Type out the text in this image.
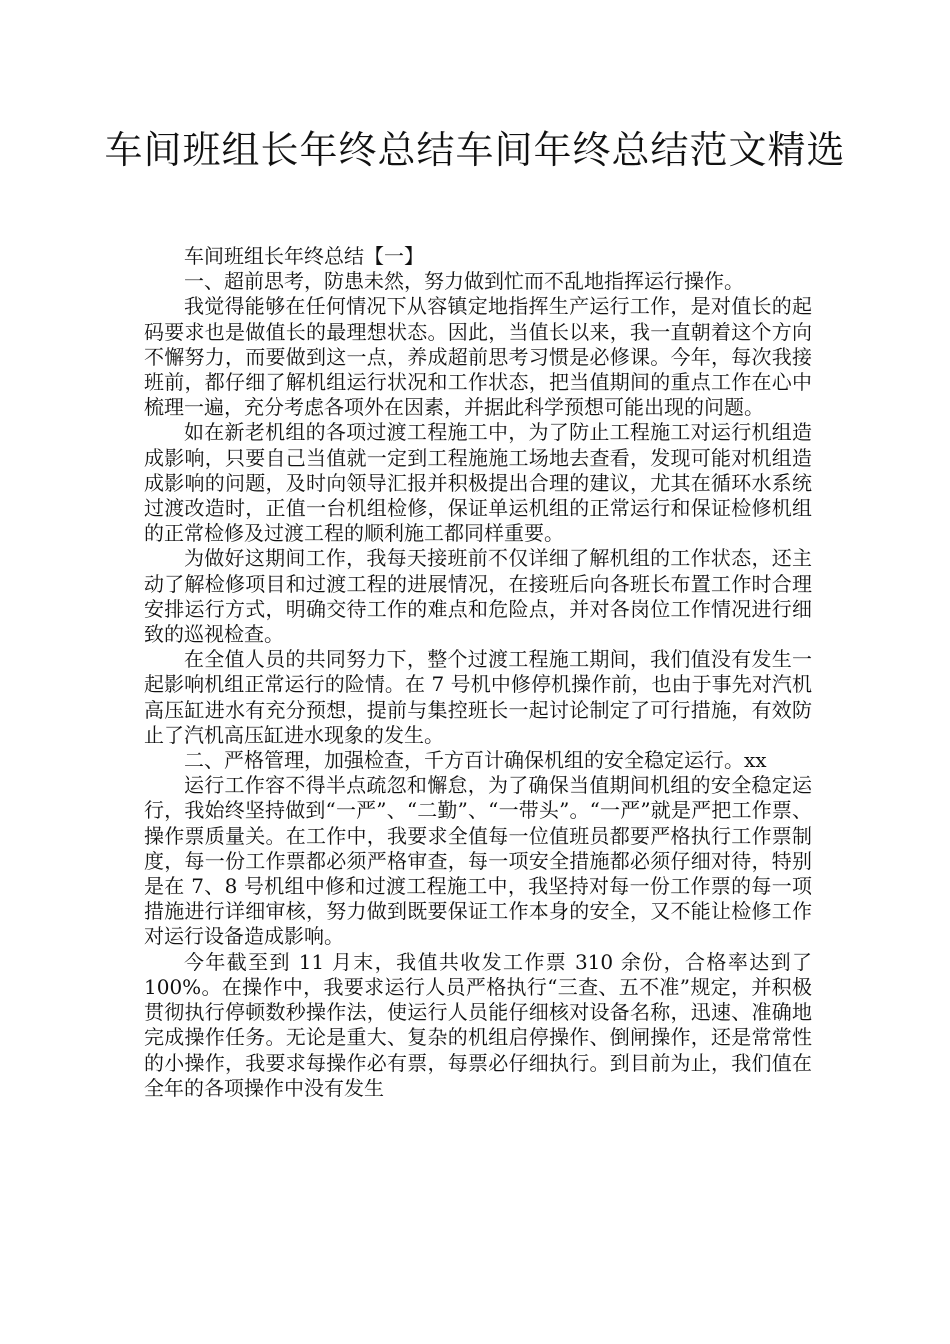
车间班组长年终总结车间年终总结范文精选

车间班组长年终总结【一】

一、超前思考，防患未然，努力做到忙而不乱地指挥运行操作。

我觉得能够在任何情况下从容镇定地指挥生产运行工作，是对值长的起码要求也是做值长的最理想状态。因此，当值长以来，我一直朝着这个方向不懈努力，而要做到这一点，养成超前思考习惯是必修课。今年，每次我接班前，都仔细了解机组运行状况和工作状态，把当值期间的重点工作在心中梳理一遍，充分考虑各项外在因素，并据此科学预想可能出现的问题。

如在新老机组的各项过渡工程施工中，为了防止工程施工对运行机组造成影响，只要自己当值就一定到工程施施工场地去查看，发现可能对机组造成影响的问题，及时向领导汇报并积极提出合理的建议，尤其在循环水系统过渡改造时，正值一台机组检修，保证单运机组的正常运行和保证检修机组的正常检修及过渡工程的顺利施工都同样重要。

为做好这期间工作，我每天接班前不仅详细了解机组的工作状态，还主动了解检修项目和过渡工程的进展情况，在接班后向各班长布置工作时合理安排运行方式，明确交待工作的难点和危险点，并对各岗位工作情况进行细致的巡视检查。

在全值人员的共同努力下，整个过渡工程施工期间，我们值没有发生一起影响机组正常运行的险情。在 7 号机中修停机操作前，也由于事先对汽机高压缸进水有充分预想，提前与集控班长一起讨论制定了可行措施，有效防止了汽机高压缸进水现象的发生。

二、严格管理，加强检查，千方百计确保机组的安全稳定运行。xx

运行工作容不得半点疏忽和懈怠，为了确保当值期间机组的安全稳定运行，我始终坚持做到“一严”、“二勤”、“一带头”。“一严”就是严把工作票、操作票质量关。在工作中，我要求全值每一位值班员都要严格执行工作票制度，每一份工作票都必须严格审查，每一项安全措施都必须仔细对待，特别是在 7、8 号机组中修和过渡工程施工中，我坚持对每一份工作票的每一项措施进行详细审核，努力做到既要保证工作本身的安全，又不能让检修工作对运行设备造成影响。

今年截至到 11 月末，我值共收发工作票 310 余份，合格率达到了 100%。在操作中，我要求运行人员严格执行“三查、五不准”规定，并积极贯彻执行停顿数秒操作法，使运行人员能仔细核对设备名称，迅速、准确地完成操作任务。无论是重大、复杂的机组启停操作、倒闸操作，还是常常性的小操作，我要求每操作必有票，每票必仔细执行。到目前为止，我们值在全年的各项操作中没有发生
